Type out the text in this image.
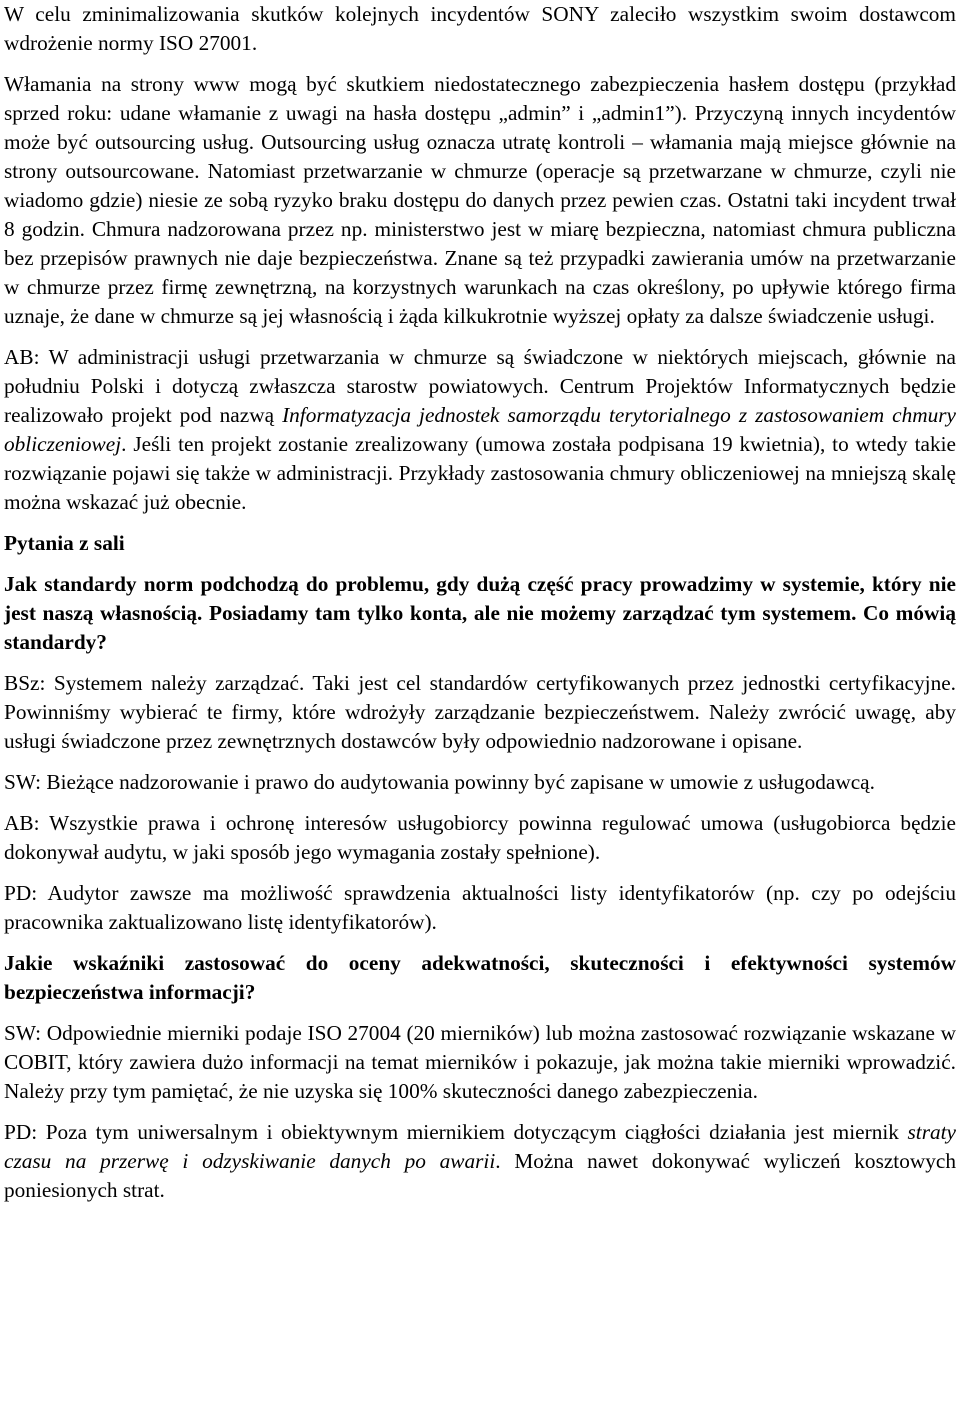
W celu zminimalizowania skutków kolejnych incydentów SONY zaleciło wszystkim swoim dostawcom wdrożenie normy ISO 27001.

Włamania na strony www mogą być skutkiem niedostatecznego zabezpieczenia hasłem dostępu (przykład sprzed roku: udane włamanie z uwagi na hasła dostępu „admin” i „admin1”). Przyczyną innych incydentów może być outsourcing usług. Outsourcing usług oznacza utratę kontroli – włamania mają miejsce głównie na strony outsourcowane. Natomiast przetwarzanie w chmurze (operacje są przetwarzane w chmurze, czyli nie wiadomo gdzie) niesie ze sobą ryzyko braku dostępu do danych przez pewien czas. Ostatni taki incydent trwał 8 godzin. Chmura nadzorowana przez np. ministerstwo jest w miarę bezpieczna, natomiast chmura publiczna bez przepisów prawnych nie daje bezpieczeństwa. Znane są też przypadki zawierania umów na przetwarzanie w chmurze przez firmę zewnętrzną, na korzystnych warunkach na czas określony, po upływie którego firma uznaje, że dane w chmurze są jej własnością i żąda kilkukrotnie wyższej opłaty za dalsze świadczenie usługi.

AB: W administracji usługi przetwarzania w chmurze są świadczone w niektórych miejscach, głównie na południu Polski i dotyczą zwłaszcza starostw powiatowych. Centrum Projektów Informatycznych będzie realizowało projekt pod nazwą Informatyzacja jednostek samorządu terytorialnego z zastosowaniem chmury obliczeniowej. Jeśli ten projekt zostanie zrealizowany (umowa została podpisana 19 kwietnia), to wtedy takie rozwiązanie pojawi się także w administracji. Przykłady zastosowania chmury obliczeniowej na mniejszą skalę można wskazać już obecnie.

Pytania z sali

Jak standardy norm podchodzą do problemu, gdy dużą część pracy prowadzimy w systemie, który nie jest naszą własnością. Posiadamy tam tylko konta, ale nie możemy zarządzać tym systemem. Co mówią standardy?

BSz: Systemem należy zarządzać. Taki jest cel standardów certyfikowanych przez jednostki certyfikacyjne. Powinniśmy wybierać te firmy, które wdrożyły zarządzanie bezpieczeństwem. Należy zwrócić uwagę, aby usługi świadczone przez zewnętrznych dostawców były odpowiednio nadzorowane i opisane.

SW: Bieżące nadzorowanie i prawo do audytowania powinny być zapisane w umowie z usługodawcą.

AB: Wszystkie prawa i ochronę interesów usługobiorcy powinna regulować umowa (usługobiorca będzie dokonywał audytu, w jaki sposób jego wymagania zostały spełnione).

PD: Audytor zawsze ma możliwość sprawdzenia aktualności listy identyfikatorów (np. czy po odejściu pracownika zaktualizowano listę identyfikatorów).

Jakie wskaźniki zastosować do oceny adekwatności, skuteczności i efektywności systemów bezpieczeństwa informacji?

SW: Odpowiednie mierniki podaje ISO 27004 (20 mierników) lub można zastosować rozwiązanie wskazane w COBIT, który zawiera dużo informacji na temat mierników i pokazuje, jak można takie mierniki wprowadzić. Należy przy tym pamiętać, że nie uzyska się 100% skuteczności danego zabezpieczenia.

PD: Poza tym uniwersalnym i obiektywnym miernikiem dotyczącym ciągłości działania jest miernik straty czasu na przerwę i odzyskiwanie danych po awarii. Można nawet dokonywać wyliczeń kosztowych poniesionych strat.
